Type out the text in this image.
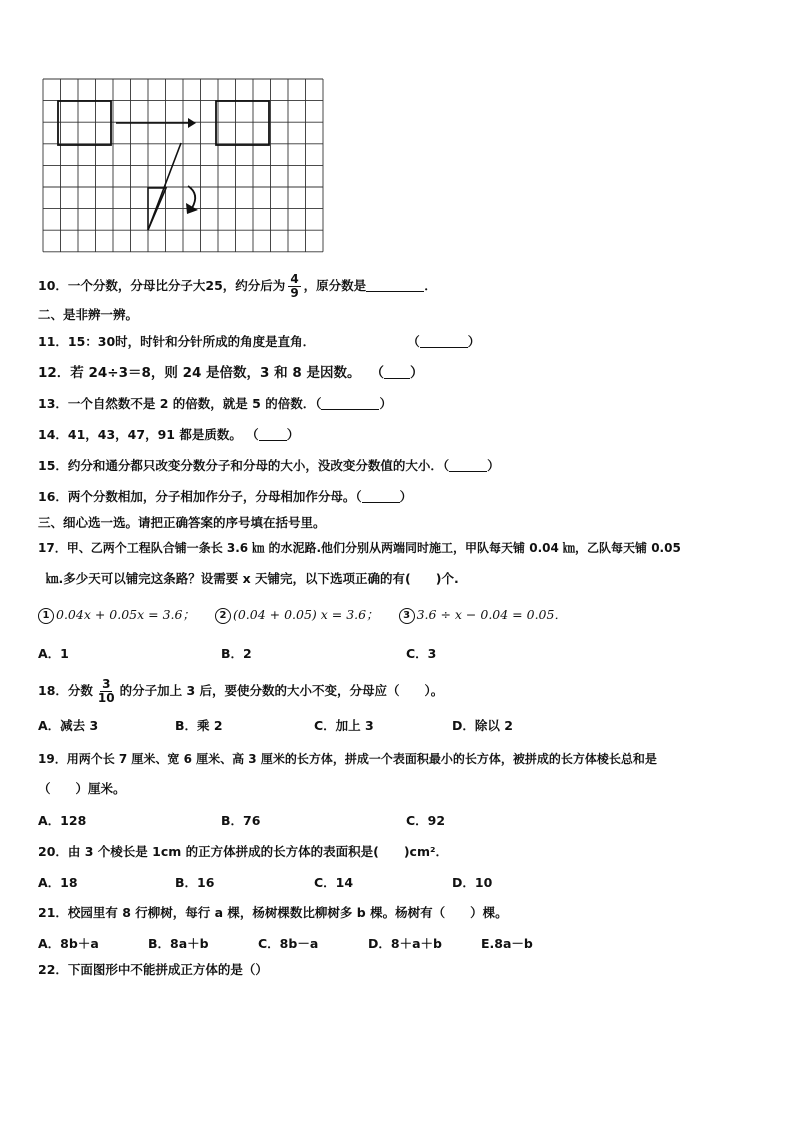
10．一个分数，分母比分子大25，约分后为 $\frac{4}{9}$ ，原分数是	．
二、是非辨一辨。
11．15：30时，时针和分针所成的角度是直角．	（	）
12．若 24÷3＝8，则 24 是倍数，3 和 8 是因数。 （ ）
13．一个自然数不是 2 的倍数，就是 5 的倍数．（	）
14．41，43，47，91 都是质数。 （ ）
15．约分和通分都只改变分数分子和分母的大小，没改变分数值的大小．（	）
16．两个分数相加，分子相加作分子，分母相加作分母。（	）
三、细心选一选。请把正确答案的序号填在括号里。
17．甲、乙两个工程队合铺一条长 3.6 ㎞ 的水泥路.他们分别从两端同时施工，甲队每天铺 0.04 ㎞，乙队每天铺 0.05
㎞.多少天可以铺完这条路？设需要 x 天铺完，以下选项正确的有(　　)个.
1 0.04x + 0.05x = 3.6； 2 (0.04 + 0.05) x = 3.6； 3 3.6 ÷ x − 0.04 = 0.05．
A．1	B．2	C．3
18．分数 $\frac{3}{10}$ 的分子加上 3 后，要使分数的大小不变，分母应（　　）。
A．减去 3	B．乘 2	C．加上 3	D．除以 2
19．用两个长 7 厘米、宽 6 厘米、高 3 厘米的长方体，拼成一个表面积最小的长方体，被拼成的长方体棱长总和是
（　　）厘米。
A．128	B．76	C．92
20．由 3 个棱长是 1cm 的正方体拼成的长方体的表面积是(　　)cm²．
A．18	B．16	C．14	D．10
21．校园里有 8 行柳树，每行 a 棵，杨树棵数比柳树多 b 棵。杨树有（　　）棵。
A．8b＋a	B．8a＋b	C．8b－a	D．8＋a＋b	E.8a－b
22．下面图形中不能拼成正方体的是（）
